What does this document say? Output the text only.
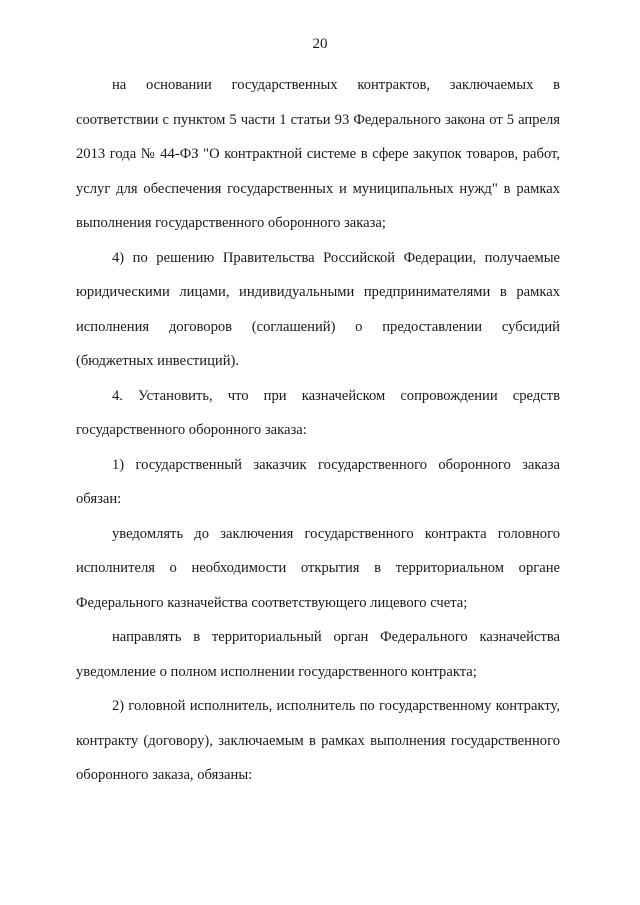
20

на основании государственных контрактов, заключаемых в соответствии с пунктом 5 части 1 статьи 93 Федерального закона от 5 апреля 2013 года № 44-ФЗ "О контрактной системе в сфере закупок товаров, работ, услуг для обеспечения государственных и муниципальных нужд" в рамках выполнения государственного оборонного заказа;

4) по решению Правительства Российской Федерации, получаемые юридическими лицами, индивидуальными предпринимателями в рамках исполнения договоров (соглашений) о предоставлении субсидий (бюджетных инвестиций).

4. Установить, что при казначейском сопровождении средств государственного оборонного заказа:

1) государственный заказчик государственного оборонного заказа обязан:

уведомлять до заключения государственного контракта головного исполнителя о необходимости открытия в территориальном органе Федерального казначейства соответствующего лицевого счета;

направлять в территориальный орган Федерального казначейства уведомление о полном исполнении государственного контракта;

2) головной исполнитель, исполнитель по государственному контракту, контракту (договору), заключаемым в рамках выполнения государственного оборонного заказа, обязаны:
